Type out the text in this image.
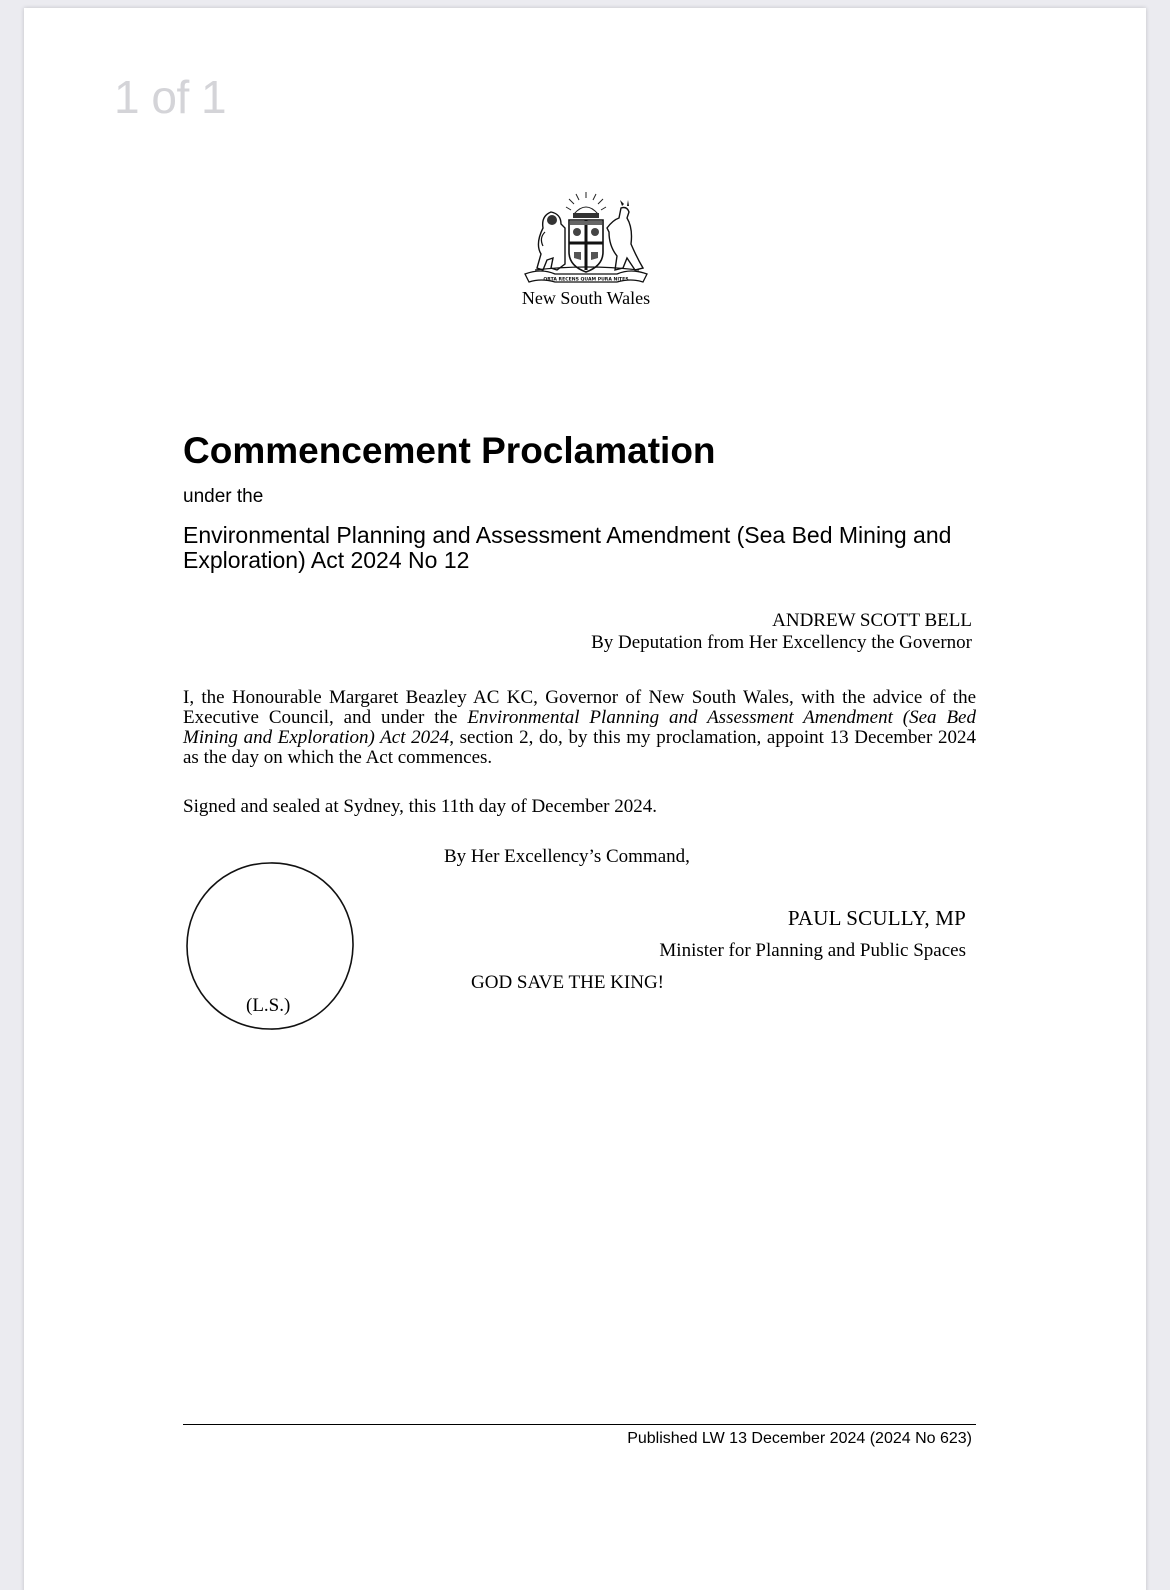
1 of 1
ORTA RECENS QUAM PURA NITES
New South Wales
Commencement Proclamation
under the
Environmental Planning and Assessment Amendment (Sea Bed Mining and Exploration) Act 2024 No 12
ANDREW SCOTT BELL
By Deputation from Her Excellency the Governor
I, the Honourable Margaret Beazley AC KC, Governor of New South Wales, with the advice of the Executive Council, and under the Environmental Planning and Assessment Amendment (Sea Bed Mining and Exploration) Act 2024, section 2, do, by this my proclamation, appoint 13 December 2024 as the day on which the Act commences.
Signed and sealed at Sydney, this 11th day of December 2024.
By Her Excellency’s Command,
(L.S.)
PAUL SCULLY, MP
Minister for Planning and Public Spaces
GOD SAVE THE KING!
Published LW 13 December 2024 (2024 No 623)
